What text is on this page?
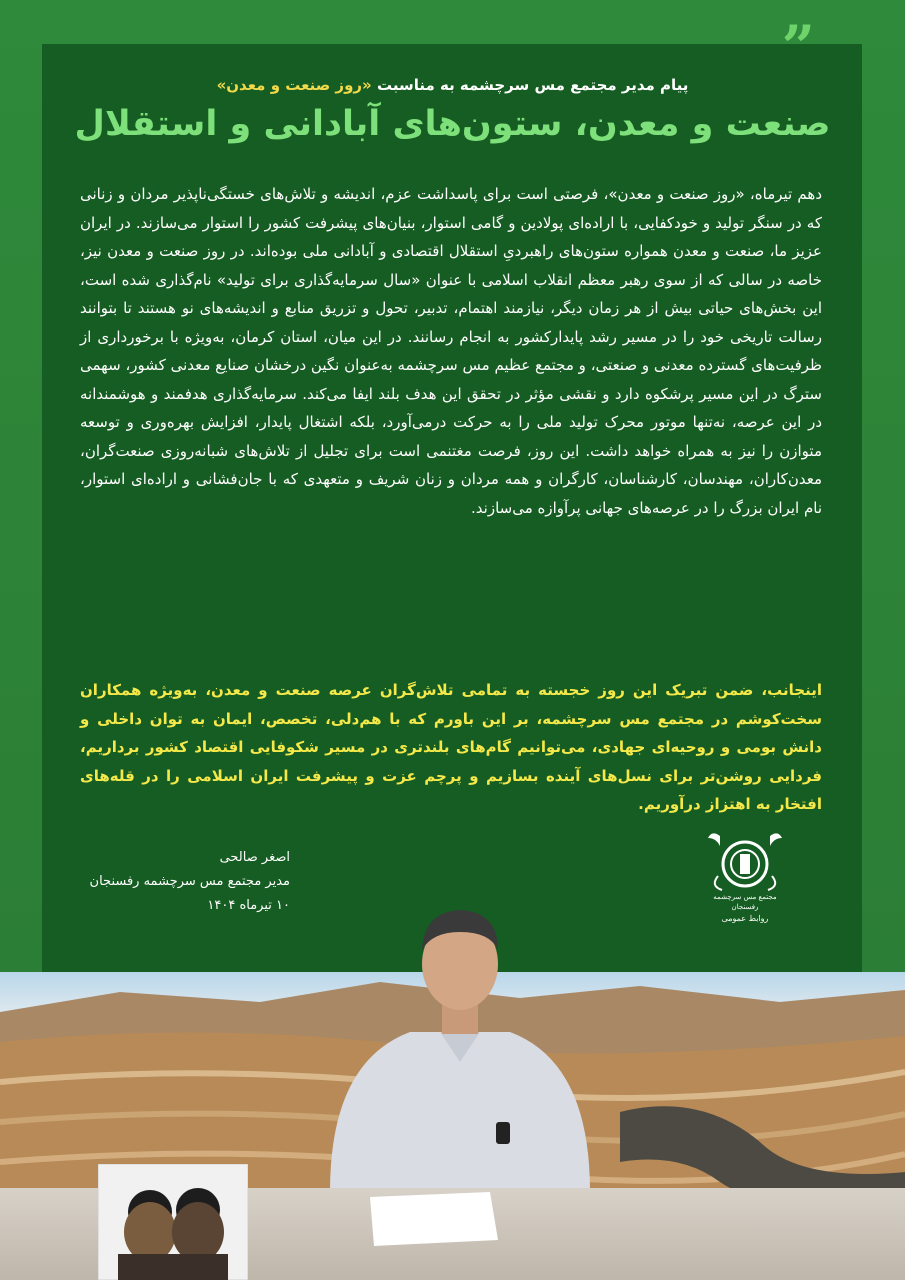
پیام مدیر مجتمع مس سرچشمه به مناسبت «روز صنعت و معدن»
صنعت و معدن، ستون‌های آبادانی و استقلال

دهم تیرماه، «روز صنعت و معدن»، فرصتی است برای پاسداشت عزم، اندیشه و تلاش‌های خستگی‌ناپذیر مردان و زنانی که در سنگر تولید و خودکفایی، با اراده‌ای پولادین و گامی استوار، بنیان‌های پیشرفت کشور را استوار می‌سازند. در ایران عزیز ما، صنعت و معدن همواره ستون‌های راهبردیِ استقلال اقتصادی و آبادانی ملی بوده‌اند. در روز صنعت و معدن نیز، خاصه در سالی که از سوی رهبر معظم انقلاب اسلامی با عنوان «سال سرمایه‌گذاری برای تولید» نام‌گذاری شده است، این بخش‌های حیاتی بیش از هر زمان دیگر، نیازمند اهتمام، تدبیر، تحول و تزریق منابع و اندیشه‌های نو هستند تا بتوانند رسالت تاریخی خود را در مسیر رشد پایدارکشور به انجام رسانند. در این میان، استان کرمان، به‌ویژه با برخورداری از ظرفیت‌های گسترده معدنی و صنعتی، و مجتمع عظیم مس سرچشمه به‌عنوان نگین درخشان صنایع معدنی کشور، سهمی سترگ در این مسیر پرشکوه دارد و نقشی مؤثر در تحقق این هدف بلند ایفا می‌کند. سرمایه‌گذاری هدفمند و هوشمندانه در این عرصه، نه‌تنها موتور محرک تولید ملی را به حرکت درمی‌آورد، بلکه اشتغال پایدار، افزایش بهره‌وری و توسعه متوازن را نیز به همراه خواهد داشت. این روز، فرصت مغتنمی است برای تجلیل از تلاش‌های شبانه‌روزی صنعت‌گران، معدن‌کاران، مهندسان، کارشناسان، کارگران و همه مردان و زنان شریف و متعهدی که با جان‌فشانی و اراده‌ای استوار، نام ایران بزرگ را در عرصه‌های جهانی پرآوازه می‌سازند.

اینجانب، ضمن تبریک این روز خجسته به تمامی تلاش‌گران عرصه صنعت و معدن، به‌ویژه همکاران سخت‌کوشم در مجتمع مس سرچشمه، بر این باورم که با هم‌دلی، تخصص، ایمان به توان داخلی و دانش بومی و روحیه‌ای جهادی، می‌توانیم گام‌های بلندتری در مسیر شکوفایی اقتصاد کشور برداریم، فردایی روشن‌تر برای نسل‌های آینده بسازیم و پرچم عزت و پیشرفت ایران اسلامی را در قله‌های افتخار به اهتزاز درآوریم.
اصغر صالحی
مدیر مجتمع مس سرچشمه رفسنجان
۱۰ تیرماه ۱۴۰۴
مجتمع مس سرچشمه رفسنجان
روابط عمومی
